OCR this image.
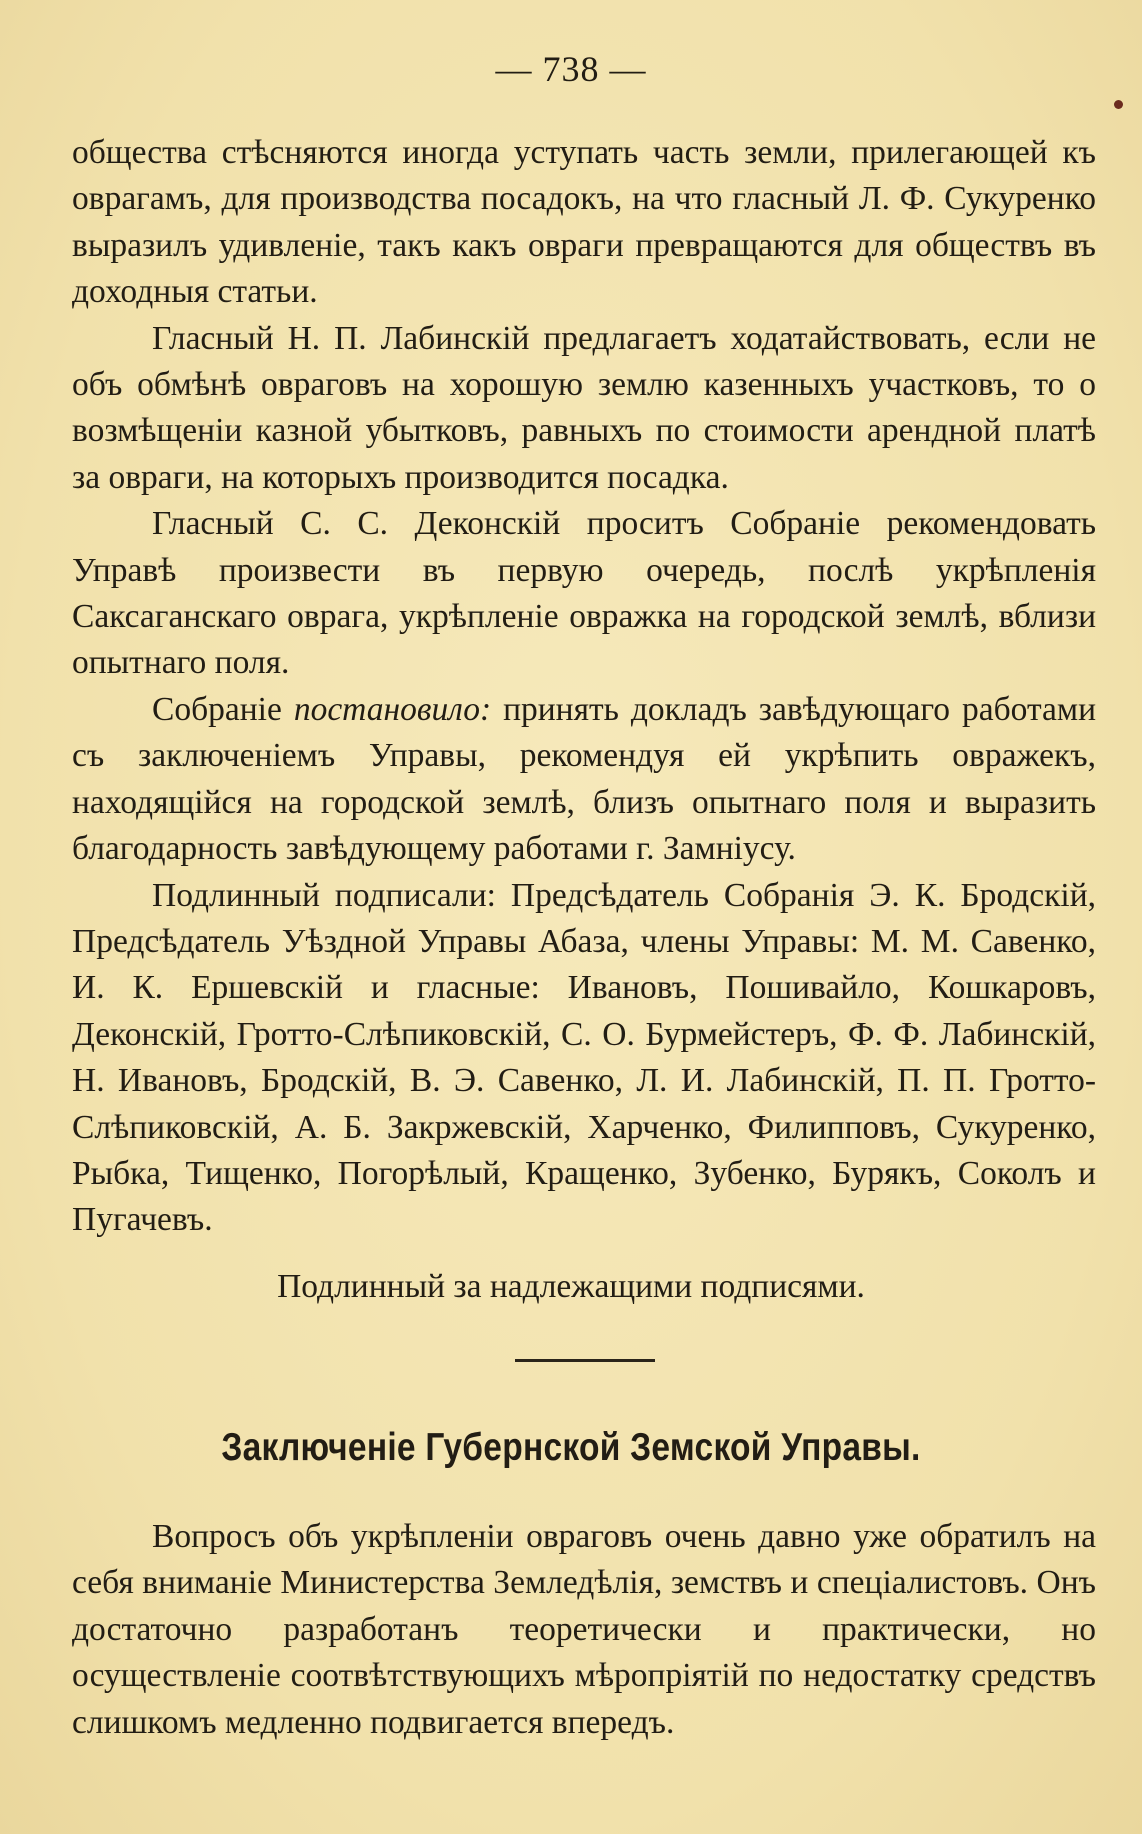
— 738 —

общества стѣсняются иногда уступать часть земли, прилегающей къ оврагамъ, для производства посадокъ, на что гласный Л. Ф. Сукуренко выразилъ удивленіе, такъ какъ овраги превращаются для обществъ въ доходныя статьи.

Гласный Н. П. Лабинскій предлагаетъ ходатайствовать, если не объ обмѣнѣ овраговъ на хорошую землю казенныхъ участковъ, то о возмѣщеніи казной убытковъ, равныхъ по стоимости арендной платѣ за овраги, на которыхъ производится посадка.

Гласный С. С. Деконскій проситъ Собраніе рекомендовать Управѣ произвести въ первую очередь, послѣ укрѣпленія Саксаганскаго оврага, укрѣпленіе овражка на городской землѣ, вблизи опытнаго поля.

Собраніе постановило: принять докладъ завѣдующаго работами съ заключеніемъ Управы, рекомендуя ей укрѣпить овражекъ, находящійся на городской землѣ, близъ опытнаго поля и выразить благодарность завѣдующему работами г. Замніусу.

Подлинный подписали: Предсѣдатель Собранія Э. К. Бродскій, Предсѣдатель Уѣздной Управы Абаза, члены Управы: М. М. Савенко, И. К. Ершевскій и гласные: Ивановъ, Пошивайло, Кошкаровъ, Деконскій, Гротто-Слѣпиковскій, С. О. Бурмейстеръ, Ф. Ф. Лабинскій, Н. Ивановъ, Бродскій, В. Э. Савенко, Л. И. Лабинскій, П. П. Гротто-Слѣпиковскій, А. Б. Закржевскій, Харченко, Филипповъ, Сукуренко, Рыбка, Тищенко, Погорѣлый, Кращенко, Зубенко, Бурякъ, Соколъ и Пугачевъ.

Подлинный за надлежащими подписями.
Заключеніе Губернской Земской Управы.

Вопросъ объ укрѣпленіи овраговъ очень давно уже обратилъ на себя вниманіе Министерства Земледѣлія, земствъ и спеціалистовъ. Онъ достаточно разработанъ теоретически и практически, но осуществленіе соотвѣтствующихъ мѣропріятій по недостатку средствъ слишкомъ медленно подвигается впередъ.
